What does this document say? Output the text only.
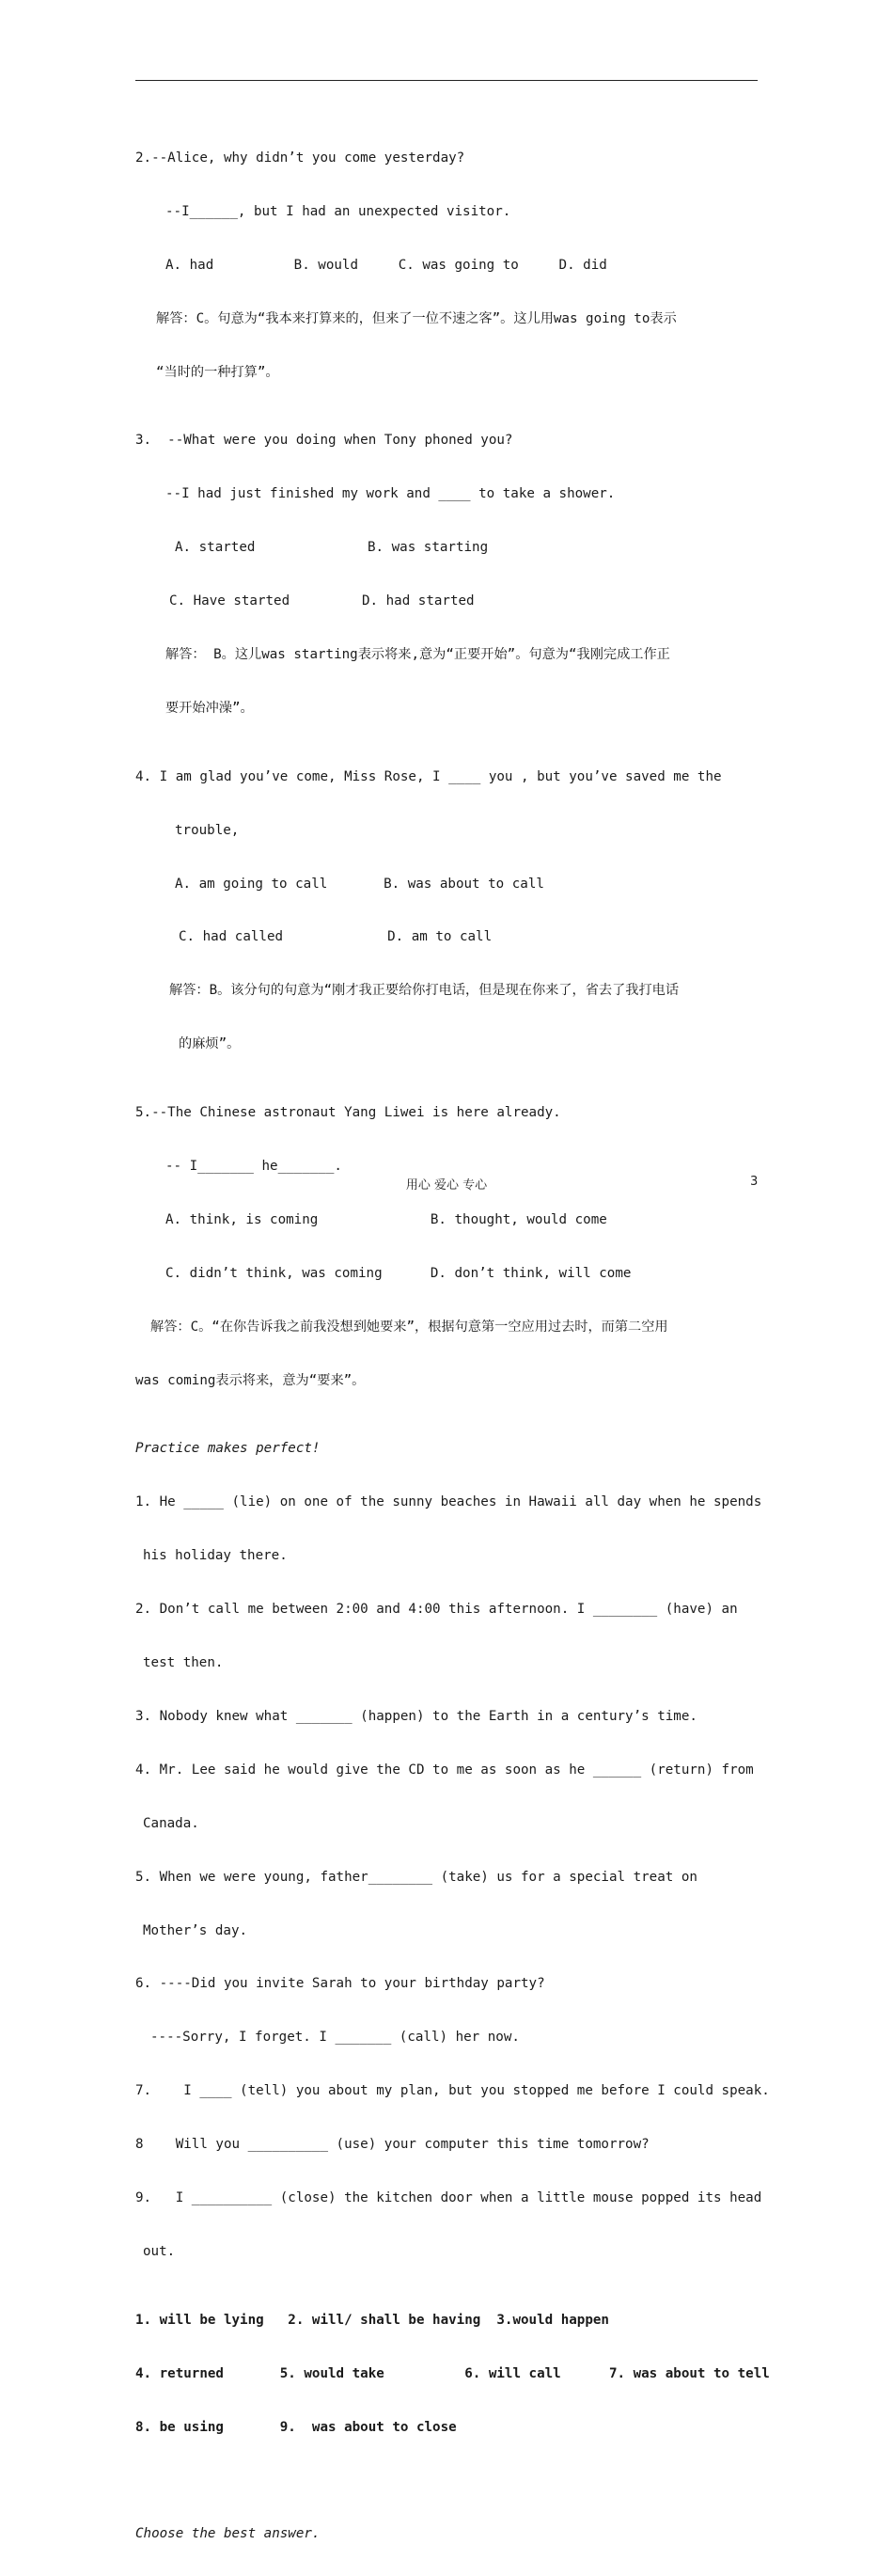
2.--Alice, why didn’t you come yesterday?

--I______, but I had an unexpected visitor.

A. had          B. would     C. was going to     D. did

解答：C。句意为“我本来打算来的，但来了一位不速之客”。这儿用was going to表示

“当时的一种打算”。

3.  --What were you doing when Tony phoned you?

--I had just finished my work and ____ to take a shower.

A. started              B. was starting

C. Have started         D. had started

解答： B。这儿was starting表示将来,意为“正要开始”。句意为“我刚完成工作正

要开始冲澡”。

4. I am glad you’ve come, Miss Rose, I ____ you , but you’ve saved me the

trouble,

A. am going to call       B. was about to call

C. had called             D. am to call

解答：B。该分句的句意为“刚才我正要给你打电话，但是现在你来了，省去了我打电话

的麻烦”。

5.--The Chinese astronaut Yang Liwei is here already.

-- I_______ he_______.

A. think, is coming              B. thought, would come

C. didn’t think, was coming      D. don’t think, will come

解答：C。“在你告诉我之前我没想到她要来”，根据句意第一空应用过去时，而第二空用

was coming表示将来，意为“要来”。

Practice makes perfect!

1. He _____ (lie) on one of the sunny beaches in Hawaii all day when he spends

his holiday there.

2. Don’t call me between 2:00 and 4:00 this afternoon. I ________ (have) an

test then.

3. Nobody knew what _______ (happen) to the Earth in a century’s time.

4. Mr. Lee said he would give the CD to me as soon as he ______ (return) from

Canada.

5. When we were young, father________ (take) us for a special treat on

Mother’s day.

6. ----Did you invite Sarah to your birthday party?

----Sorry, I forget. I _______ (call) her now.

7.    I ____ (tell) you about my plan, but you stopped me before I could speak.

8    Will you __________ (use) your computer this time tomorrow?

9.   I __________ (close) the kitchen door when a little mouse popped its head

out.

1. will be lying   2. will/ shall be having  3.would happen

4. returned       5. would take          6. will call      7. was about to tell

8. be using       9.  was about to close

Choose the best answer.

用心 爱心 专心	3
